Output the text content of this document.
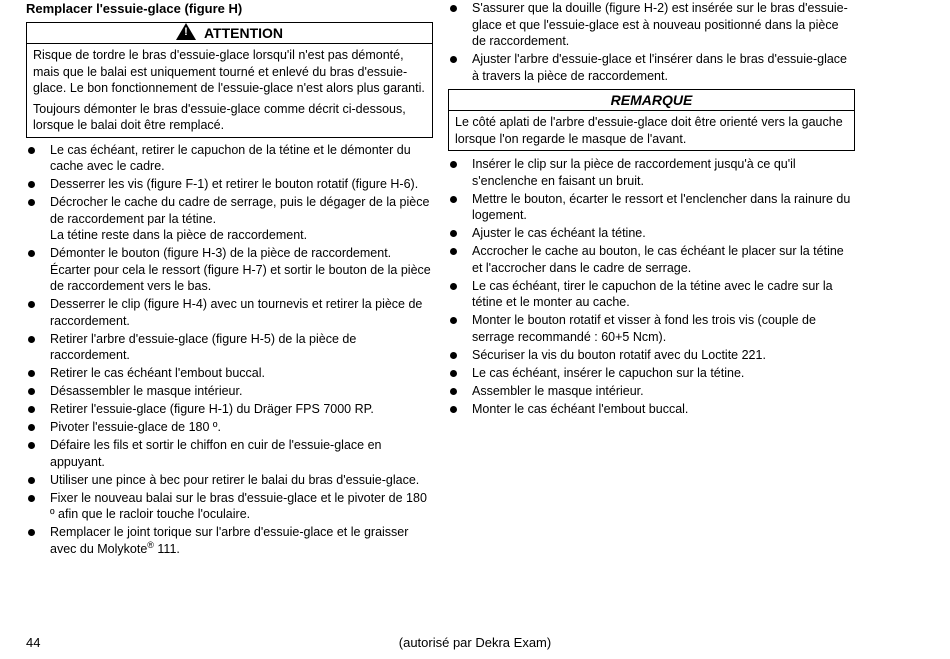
Remplacer l'essuie-glace (figure H)
! ATTENTION

Risque de tordre le bras d'essuie-glace lorsqu'il n'est pas démonté, mais que le balai est uniquement tourné et enlevé du bras d'essuie-glace. Le bon fonctionnement de l'essuie-glace n'est alors plus garanti.

Toujours démonter le bras d'essuie-glace comme décrit ci-dessous, lorsque le balai doit être remplacé.

Le cas échéant, retirer le capuchon de la tétine et le démonter du cache avec le cadre.
Desserrer les vis (figure F-1) et retirer le bouton rotatif (figure H-6).
Décrocher le cache du cadre de serrage, puis le dégager de la pièce de raccordement par la tétine.
La tétine reste dans la pièce de raccordement.
Démonter le bouton (figure H-3) de la pièce de raccordement. Écarter pour cela le ressort (figure H-7) et sortir le bouton de la pièce de raccordement vers le bas.
Desserrer le clip (figure H-4) avec un tournevis et retirer la pièce de raccordement.
Retirer l'arbre d'essuie-glace (figure H-5) de la pièce de raccordement.
Retirer le cas échéant l'embout buccal.
Désassembler le masque intérieur.
Retirer l'essuie-glace (figure H-1) du Dräger FPS 7000 RP.
Pivoter l'essuie-glace de 180 º.
Défaire les fils et sortir le chiffon en cuir de l'essuie-glace en appuyant.
Utiliser une pince à bec pour retirer le balai du bras d'essuie-glace.
Fixer le nouveau balai sur le bras d'essuie-glace et le pivoter de 180 º afin que le racloir touche l'oculaire.
Remplacer le joint torique sur l'arbre d'essuie-glace et le graisser avec du Molykote® 111.
S'assurer que la douille (figure H-2) est insérée sur le bras d'essuie-glace et que l'essuie-glace est à nouveau positionné dans la pièce de raccordement.
Ajuster l'arbre d'essuie-glace et l'insérer dans le bras d'essuie-glace à travers la pièce de raccordement.
REMARQUE
Le côté aplati de l'arbre d'essuie-glace doit être orienté vers la gauche lorsque l'on regarde le masque de l'avant.
Insérer le clip sur la pièce de raccordement jusqu'à ce qu'il s'enclenche en faisant un bruit.
Mettre le bouton, écarter le ressort et l'enclencher dans la rainure du logement.
Ajuster le cas échéant la tétine.
Accrocher le cache au bouton, le cas échéant le placer sur la tétine et l'accrocher dans le cadre de serrage.
Le cas échéant, tirer le capuchon de la tétine avec le cadre sur la tétine et le monter au cache.
Monter le bouton rotatif et visser à fond les trois vis (couple de serrage recommandé : 60+5 Ncm).
Sécuriser la vis du bouton rotatif avec du Loctite 221.
Le cas échéant, insérer le capuchon sur la tétine.
Assembler le masque intérieur.
Monter le cas échéant l'embout buccal.
(autorisé par Dekra Exam)
44
